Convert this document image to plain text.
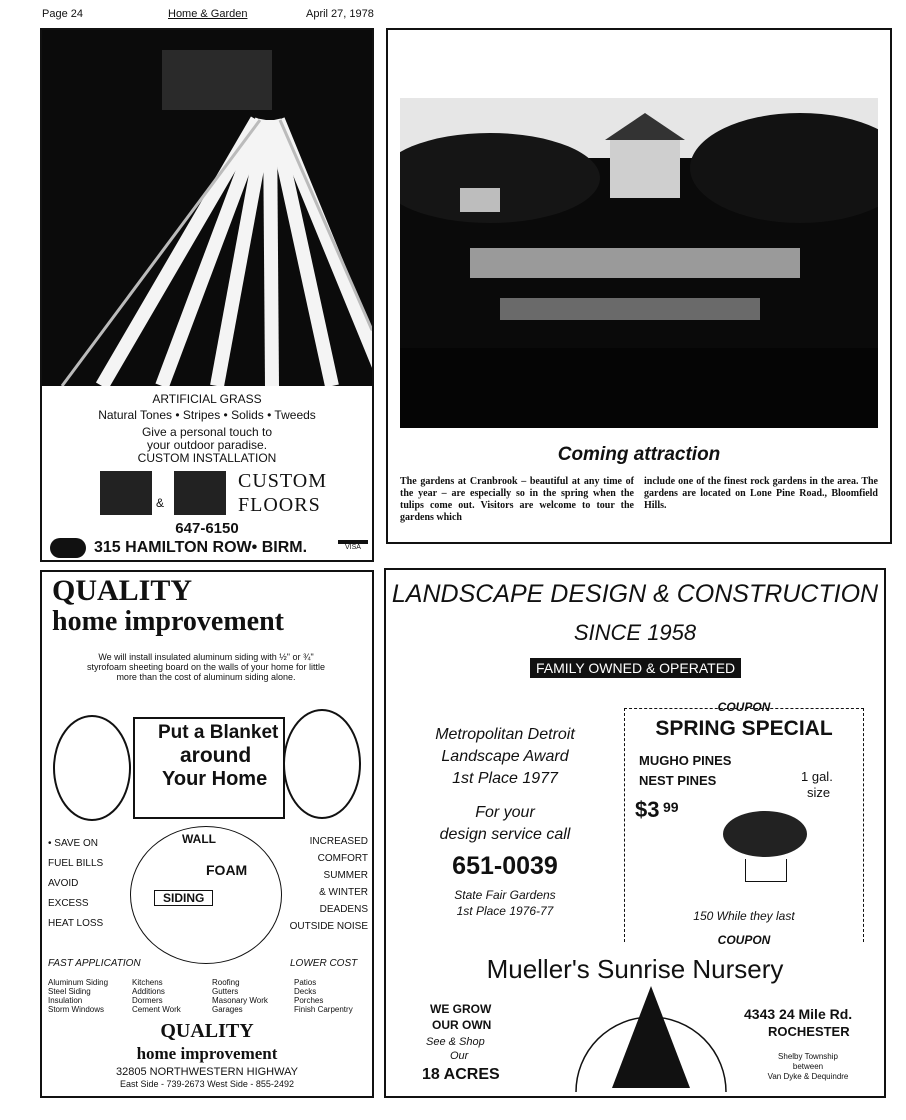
Page 24	Home & Garden	April 27, 1978
ARTIFICIAL GRASS
Natural Tones • Stripes • Solids • Tweeds
Give a personal touch to
your outdoor paradise.
CUSTOM INSTALLATION
&
CUSTOM
FLOORS
647-6150
315 HAMILTON ROW• BIRM.	VISA
Coming attraction
The gardens at Cranbrook – beautiful at any time of the year – are especially so in the spring when the tulips come out. Visitors are welcome to tour the gardens which
include one of the finest rock gardens in the area. The gardens are located on Lone Pine Road., Bloomfield Hills.
QUALITY
home improvement
We will install insulated aluminum siding with ½" or ¾" styrofoam sheeting board on the walls of your home for little more than the cost of aluminum siding alone.
Put a Blanket
around
Your Home
• SAVE ON
FUEL BILLS
AVOID
EXCESS
HEAT LOSS
INCREASED
COMFORT
SUMMER
& WINTER
DEADENS
OUTSIDE NOISE
WALL
FOAM
SIDING
FAST APPLICATION	LOWER COST
Aluminum Siding	Kitchens	Roofing	Patios
Steel Siding	Additions	Gutters	Decks
Insulation	Dormers	Masonary Work	Porches
Storm Windows	Cement Work	Garages	Finish Carpentry
QUALITY
home improvement
32805 NORTHWESTERN HIGHWAY
East Side - 739-2673 West Side - 855-2492
LANDSCAPE DESIGN & CONSTRUCTION
SINCE 1958
FAMILY OWNED & OPERATED
Metropolitan Detroit
Landscape Award
1st Place 1977
For your
design service call
651-0039
State Fair Gardens
1st Place 1976-77
COUPON
SPRING SPECIAL
MUGHO PINES
NEST PINES	1 gal.
size
$3 99
150 While they last
COUPON
Mueller's Sunrise Nursery
WE GROW
OUR OWN
See & Shop
Our
18 ACRES
4343 24 Mile Rd.
ROCHESTER
Shelby Township
between
Van Dyke & Dequindre
